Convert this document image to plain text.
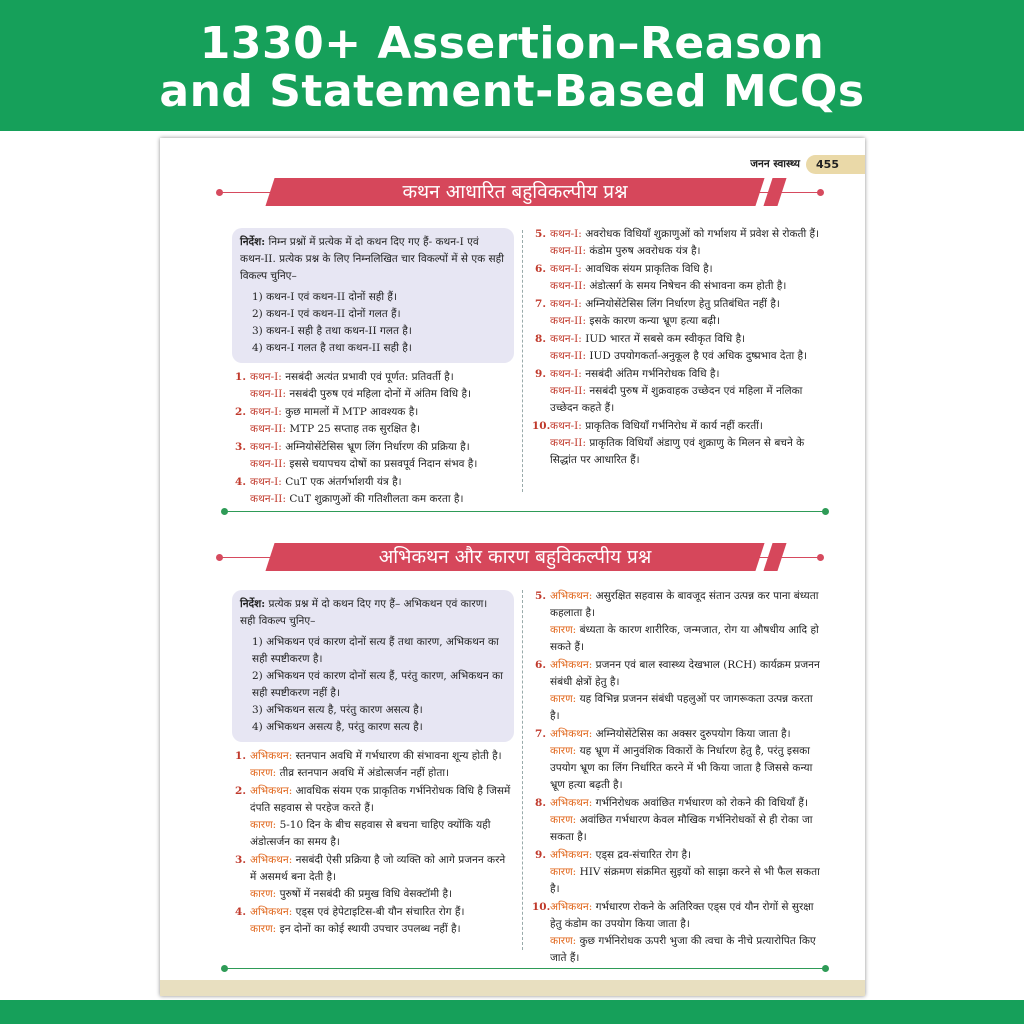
1330+ Assertion–Reason
and Statement-Based MCQs
जनन स्वास्थ्य	455
कथन आधारित बहुविकल्पीय प्रश्न
निर्देश: निम्न प्रश्नों में प्रत्येक में दो कथन दिए गए हैं- कथन-I एवं कथन-II. प्रत्येक प्रश्न के लिए निम्नलिखित चार विकल्पों में से एक सही विकल्प चुनिए–
1) कथन-I एवं कथन-II दोनों सही हैं।
2) कथन-I एवं कथन-II दोनों गलत हैं।
3) कथन-I सही है तथा कथन-II गलत है।
4) कथन-I गलत है तथा कथन-II सही है।
1. कथन-I: नसबंदी अत्यंत प्रभावी एवं पूर्णत: प्रतिवर्ती है।
कथन-II: नसबंदी पुरुष एवं महिला दोनों में अंतिम विधि है।
2. कथन-I: कुछ मामलों में MTP आवश्यक है।
कथन-II: MTP 25 सप्ताह तक सुरक्षित है।
3. कथन-I: अम्नियोसेंटेसिस भ्रूण लिंग निर्धारण की प्रक्रिया है।
कथन-II: इससे चयापचय दोषों का प्रसवपूर्व निदान संभव है।
4. कथन-I: CuT एक अंतर्गर्भाशयी यंत्र है।
कथन-II: CuT शुक्राणुओं की गतिशीलता कम करता है।
5. कथन-I: अवरोधक विधियाँ शुक्राणुओं को गर्भाशय में प्रवेश से रोकती हैं।
कथन-II: कंडोम पुरुष अवरोधक यंत्र है।
6. कथन-I: आवधिक संयम प्राकृतिक विधि है।
कथन-II: अंडोत्सर्ग के समय निषेचन की संभावना कम होती है।
7. कथन-I: अम्नियोसेंटेसिस लिंग निर्धारण हेतु प्रतिबंधित नहीं है।
कथन-II: इसके कारण कन्या भ्रूण हत्या बढ़ी।
8. कथन-I: IUD भारत में सबसे कम स्वीकृत विधि है।
कथन-II: IUD उपयोगकर्ता-अनुकूल है एवं अधिक दुष्प्रभाव देता है।
9. कथन-I: नसबंदी अंतिम गर्भनिरोधक विधि है।
कथन-II: नसबंदी पुरुष में शुक्रवाहक उच्छेदन एवं महिला में नलिका उच्छेदन कहते हैं।
10. कथन-I: प्राकृतिक विधियाँ गर्भनिरोध में कार्य नहीं करतीं।
कथन-II: प्राकृतिक विधियाँ अंडाणु एवं शुक्राणु के मिलन से बचने के सिद्धांत पर आधारित हैं।
अभिकथन और कारण बहुविकल्पीय प्रश्न
निर्देश: प्रत्येक प्रश्न में दो कथन दिए गए हैं– अभिकथन एवं कारण।
सही विकल्प चुनिए–
1) अभिकथन एवं कारण दोनों सत्य हैं तथा कारण, अभिकथन का सही स्पष्टीकरण है।
2) अभिकथन एवं कारण दोनों सत्य हैं, परंतु कारण, अभिकथन का सही स्पष्टीकरण नहीं है।
3) अभिकथन सत्य है, परंतु कारण असत्य है।
4) अभिकथन असत्य है, परंतु कारण सत्य है।
1. अभिकथन: स्तनपान अवधि में गर्भधारण की संभावना शून्य होती है।
कारण: तीव्र स्तनपान अवधि में अंडोत्सर्जन नहीं होता।
2. अभिकथन: आवधिक संयम एक प्राकृतिक गर्भनिरोधक विधि है जिसमें दंपति सहवास से परहेज करते हैं।
कारण: 5-10 दिन के बीच सहवास से बचना चाहिए क्योंकि यही अंडोत्सर्जन का समय है।
3. अभिकथन: नसबंदी ऐसी प्रक्रिया है जो व्यक्ति को आगे प्रजनन करने में असमर्थ बना देती है।
कारण: पुरुषों में नसबंदी की प्रमुख विधि वेसक्टॉमी है।
4. अभिकथन: एड्स एवं हेपेटाइटिस-बी यौन संचारित रोग हैं।
कारण: इन दोनों का कोई स्थायी उपचार उपलब्ध नहीं है।
5. अभिकथन: असुरक्षित सहवास के बावजूद संतान उत्पन्न कर पाना बंध्यता कहलाता है।
कारण: बंध्यता के कारण शारीरिक, जन्मजात, रोग या औषधीय आदि हो सकते हैं।
6. अभिकथन: प्रजनन एवं बाल स्वास्थ्य देखभाल (RCH) कार्यक्रम प्रजनन संबंधी क्षेत्रों हेतु है।
कारण: यह विभिन्न प्रजनन संबंधी पहलुओं पर जागरूकता उत्पन्न करता है।
7. अभिकथन: अम्नियोसेंटेसिस का अक्सर दुरुपयोग किया जाता है।
कारण: यह भ्रूण में आनुवंशिक विकारों के निर्धारण हेतु है, परंतु इसका उपयोग भ्रूण का लिंग निर्धारित करने में भी किया जाता है जिससे कन्या भ्रूण हत्या बढ़ती है।
8. अभिकथन: गर्भनिरोधक अवांछित गर्भधारण को रोकने की विधियाँ हैं।
कारण: अवांछित गर्भधारण केवल मौखिक गर्भनिरोधकों से ही रोका जा सकता है।
9. अभिकथन: एड्स द्रव-संचारित रोग है।
कारण: HIV संक्रमण संक्रमित सुइयों को साझा करने से भी फैल सकता है।
10. अभिकथन: गर्भधारण रोकने के अतिरिक्त एड्स एवं यौन रोगों से सुरक्षा हेतु कंडोम का उपयोग किया जाता है।
कारण: कुछ गर्भनिरोधक ऊपरी भुजा की त्वचा के नीचे प्रत्यारोपित किए जाते हैं।
